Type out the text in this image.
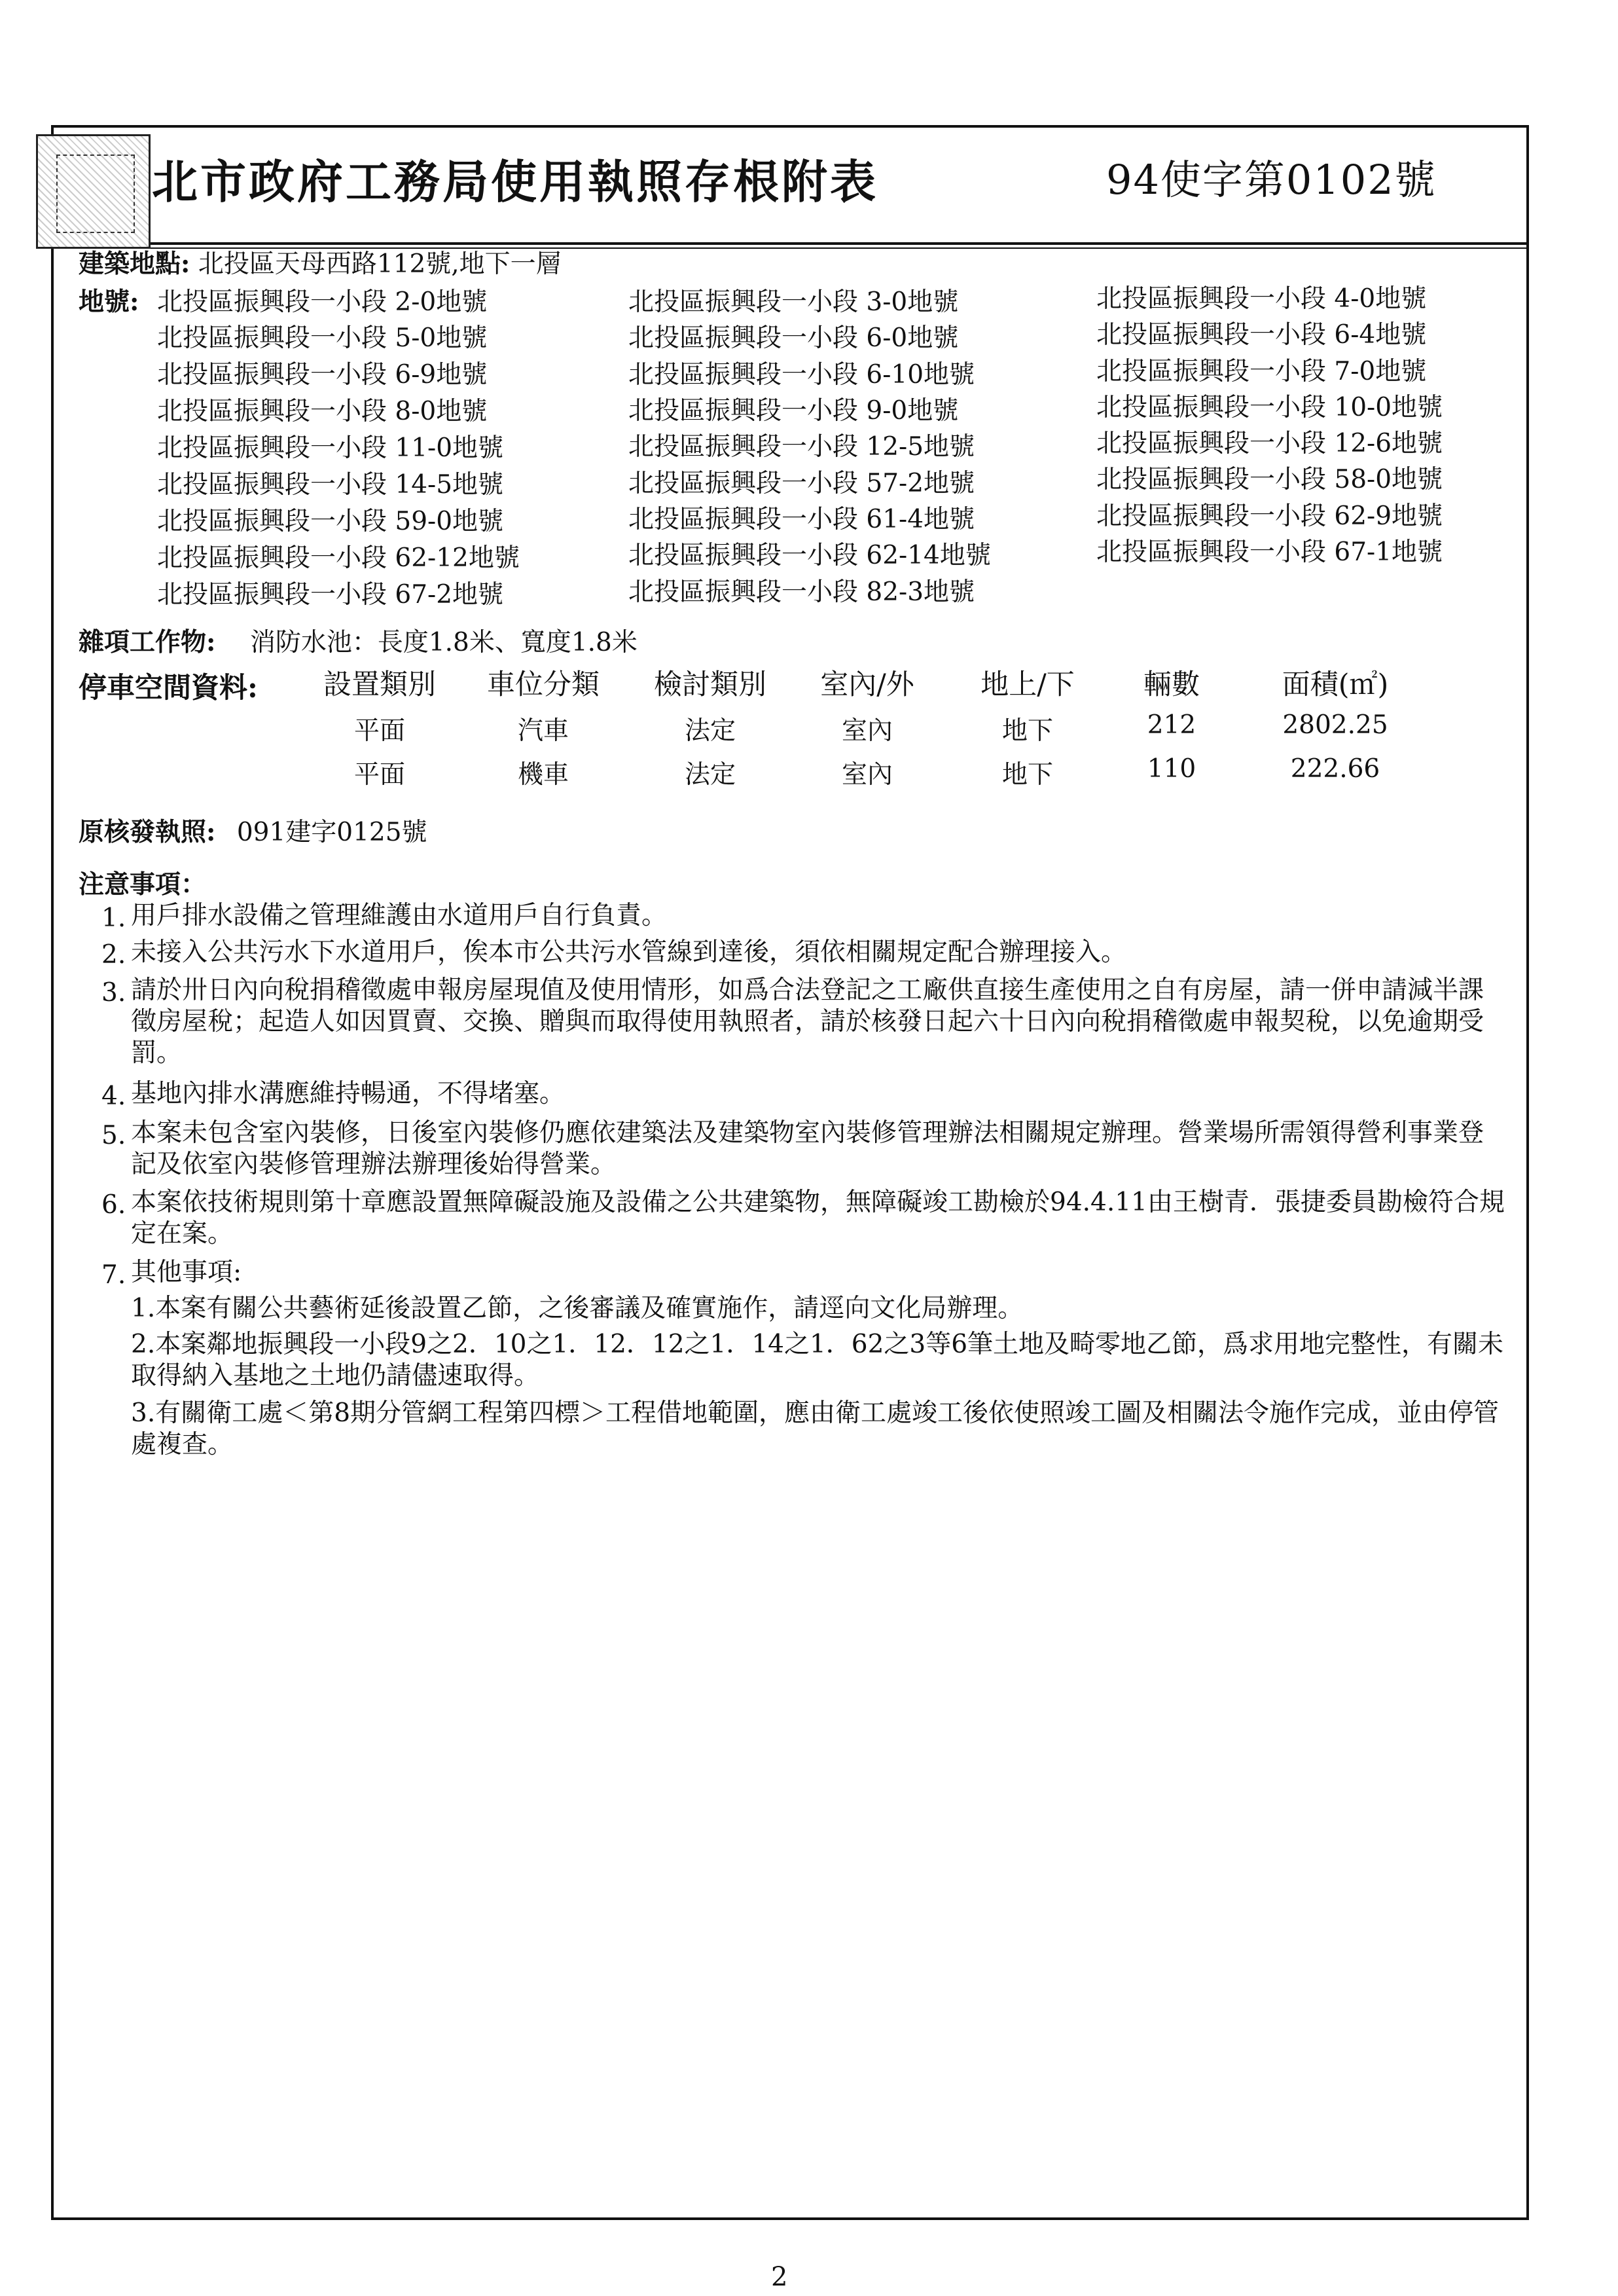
北市政府工務局使用執照存根附表	94使字第0102號
建築地點: 北投區天母西路112號,地下一層
地號: 北投區振興段一小段 2-0地號	北投區振興段一小段 3-0地號	北投區振興段一小段 4-0地號
北投區振興段一小段 5-0地號	北投區振興段一小段 6-0地號	北投區振興段一小段 6-4地號
北投區振興段一小段 6-9地號	北投區振興段一小段 6-10地號	北投區振興段一小段 7-0地號
北投區振興段一小段 8-0地號	北投區振興段一小段 9-0地號	北投區振興段一小段 10-0地號
北投區振興段一小段 11-0地號	北投區振興段一小段 12-5地號	北投區振興段一小段 12-6地號
北投區振興段一小段 14-5地號	北投區振興段一小段 57-2地號	北投區振興段一小段 58-0地號
北投區振興段一小段 59-0地號	北投區振興段一小段 61-4地號	北投區振興段一小段 62-9地號
北投區振興段一小段 62-12地號	北投區振興段一小段 62-14地號	北投區振興段一小段 67-1地號
北投區振興段一小段 67-2地號	北投區振興段一小段 82-3地號
雜項工作物: 消防水池：長度1.8米、寬度1.8米
停車空間資料:	設置類別	車位分類	檢討類別	室內/外	地上/下	輛數	面積(㎡)
平面	汽車	法定	室內	地下	212	2802.25
平面	機車	法定	室內	地下	110	222.66
原核發執照: 091建字0125號
注意事項：
1. 用戶排水設備之管理維護由水道用戶自行負責。
2. 未接入公共污水下水道用戶，俟本市公共污水管線到達後，須依相關規定配合辦理接入。
3. 請於卅日內向稅捐稽徵處申報房屋現值及使用情形，如爲合法登記之工廠供直接生產使用之自有房屋，請一併申請減半課徵房屋稅；起造人如因買賣、交換、贈與而取得使用執照者，請於核發日起六十日內向稅捐稽徵處申報契稅，以免逾期受罰。
4. 基地內排水溝應維持暢通，不得堵塞。
5. 本案未包含室內裝修，日後室內裝修仍應依建築法及建築物室內裝修管理辦法相關規定辦理。營業場所需領得營利事業登記及依室內裝修管理辦法辦理後始得營業。
6. 本案依技術規則第十章應設置無障礙設施及設備之公共建築物，無障礙竣工勘檢於94.4.11由王樹青．張捷委員勘檢符合規定在案。
7. 其他事項:
1.本案有關公共藝術延後設置乙節，之後審議及確實施作，請逕向文化局辦理。
2.本案鄰地振興段一小段9之2．10之1．12．12之1．14之1．62之3等6筆土地及畸零地乙節，爲求用地完整性，有關未取得納入基地之土地仍請儘速取得。
3.有關衛工處＜第8期分管網工程第四標＞工程借地範圍，應由衛工處竣工後依使照竣工圖及相關法令施作完成，並由停管處複查。
2
